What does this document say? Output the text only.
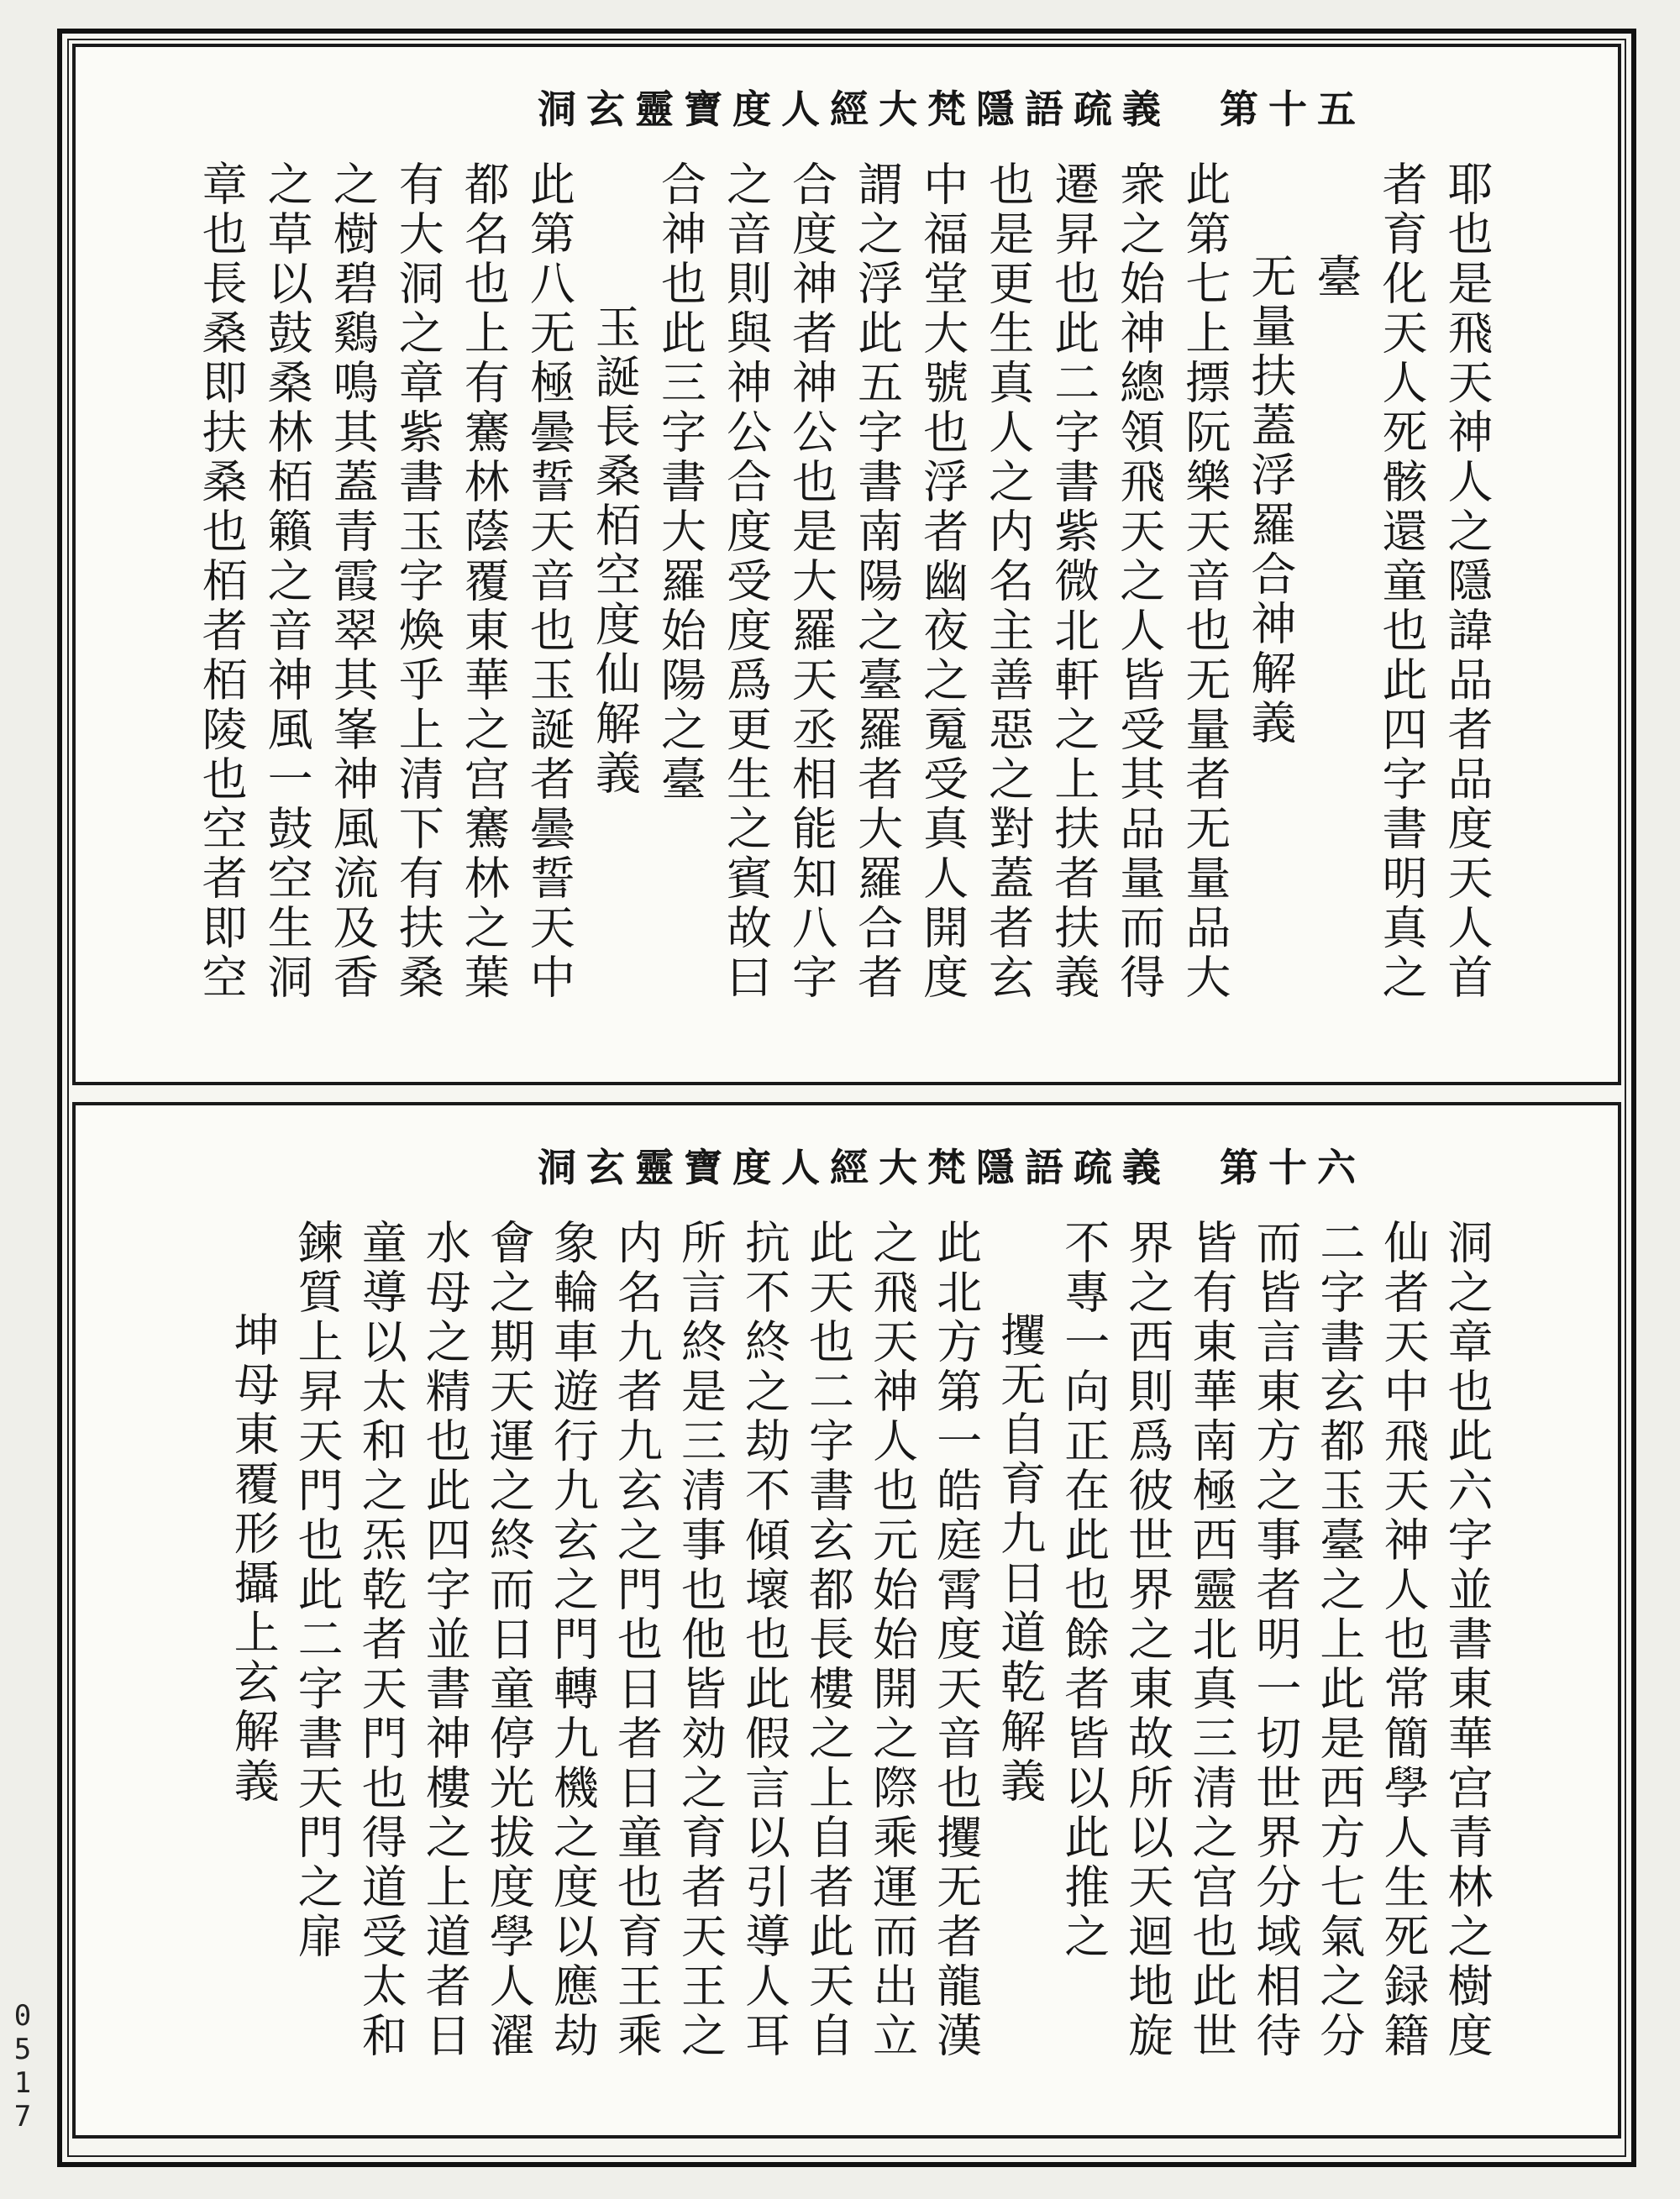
洞玄靈寶度人經大梵隱語疏義　第十五
耶也是飛天神人之隱諱品者品度天人首
者育化天人死骸還童也此四字書明真之
臺
无量扶蓋浮羅合神解義
此第七上摽阮樂天音也无量者无量品大
衆之始神總領飛天之人皆受其品量而得
遷昇也此二字書紫微北軒之上扶者扶義
也是更生真人之内名主善惡之對蓋者玄
中福堂大號也浮者幽夜之䰟受真人開度
謂之浮此五字書南陽之臺羅者大羅合者
合度神者神公也是大羅天丞相能知八字
之音則與神公合度受度爲更生之賓故曰
合神也此三字書大羅始陽之臺
玉誕長桑栢空度仙解義
此第八无極曇誓天音也玉誕者曇誓天中
都名也上有騫林蔭覆東華之宫騫林之葉
有大洞之章紫書玉字煥乎上清下有扶桑
之樹碧鷄鳴其蓋青霞翠其峯神風流及香
之草以鼓桑林栢籟之音神風一鼓空生洞
章也長桑即扶桑也栢者栢陵也空者即空
洞玄靈寶度人經大梵隱語疏義　第十六
洞之章也此六字並書東華宫青林之樹度
仙者天中飛天神人也常簡學人生死録籍
二字書玄都玉臺之上此是西方七氣之分
而皆言東方之事者明一切世界分域相待
皆有東華南極西靈北真三清之宫也此世
界之西則爲彼世界之東故所以天迴地旋
不專一向正在此也餘者皆以此推之
攫无自育九日道乾解義
此北方第一皓庭霄度天音也攫无者龍漢
之飛天神人也元始始開之際乘運而出立
此天也二字書玄都長樓之上自者此天自
抗不終之劫不傾壞也此假言以引導人耳
所言終是三清事也他皆効之育者天王之
内名九者九玄之門也日者日童也育王乘
象輪車遊行九玄之門轉九機之度以應劫
會之期天運之終而日童停光拔度學人濯
水母之精也此四字並書神樓之上道者日
童導以太和之炁乾者天門也得道受太和
鍊質上昇天門也此二字書天門之扉
坤母東覆形攝上玄解義
0517
